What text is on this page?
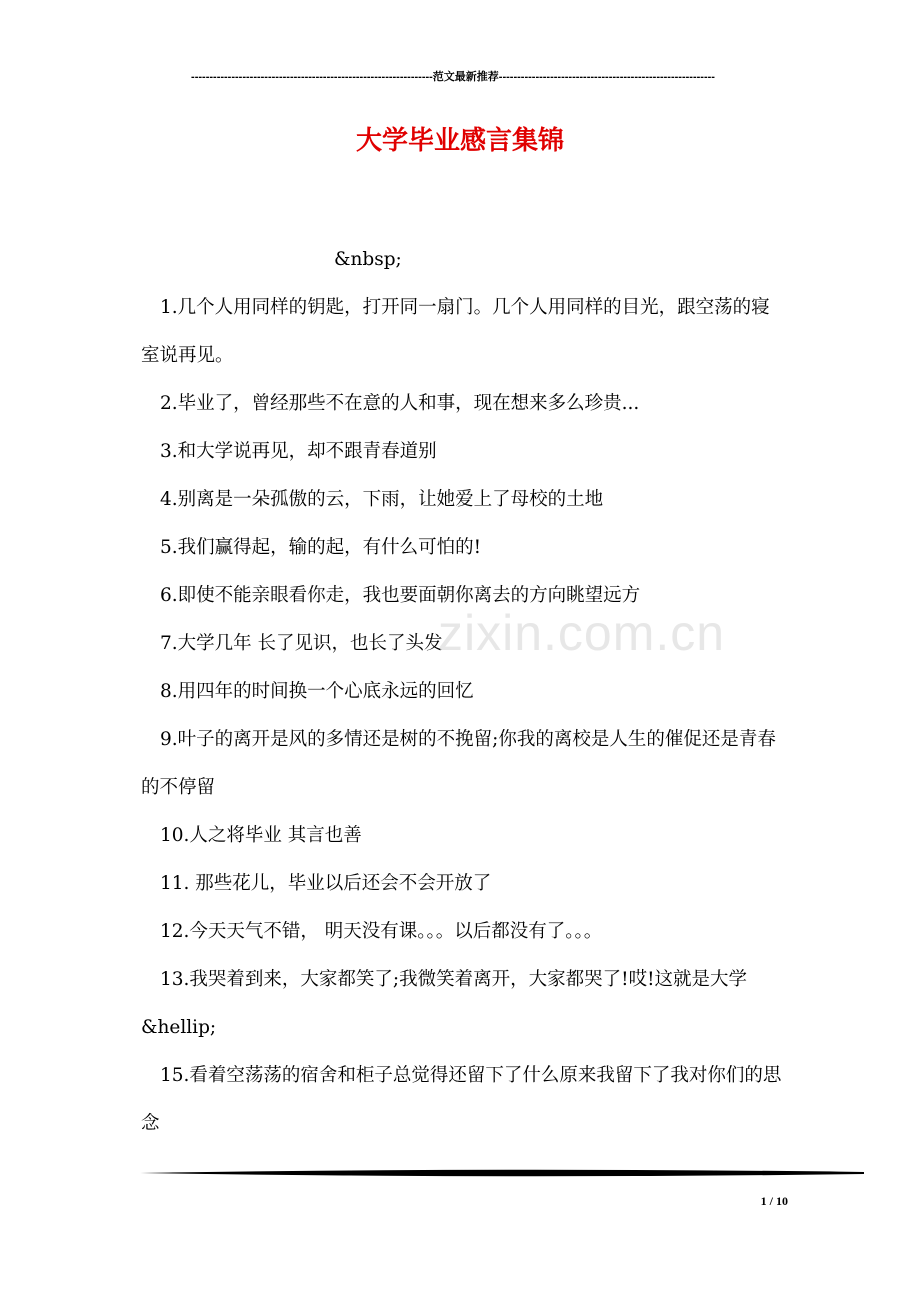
------------------------------------------------------------------范文最新推荐-----------------------------------------------------------
大学毕业感言集锦

&nbsp;

1.几个人用同样的钥匙，打开同一扇门。几个人用同样的目光，跟空荡的寝室说再见。

2.毕业了，曾经那些不在意的人和事，现在想来多么珍贵...

3.和大学说再见，却不跟青春道别

4.别离是一朵孤傲的云，下雨，让她爱上了母校的土地

5.我们赢得起，输的起，有什么可怕的!

6.即使不能亲眼看你走，我也要面朝你离去的方向眺望远方

7.大学几年 长了见识，也长了头发

8.用四年的时间换一个心底永远的回忆

9.叶子的离开是风的多情还是树的不挽留;你我的离校是人生的催促还是青春的不停留

10.人之将毕业 其言也善

11. 那些花儿，毕业以后还会不会开放了

12.今天天气不错， 明天没有课。。。以后都没有了。。。

13.我哭着到来，大家都笑了;我微笑着离开，大家都哭了!哎!这就是大学&hellip;

15.看着空荡荡的宿舍和柜子总觉得还留下了什么原来我留下了我对你们的思念

zixin.com.cn
1 / 10
